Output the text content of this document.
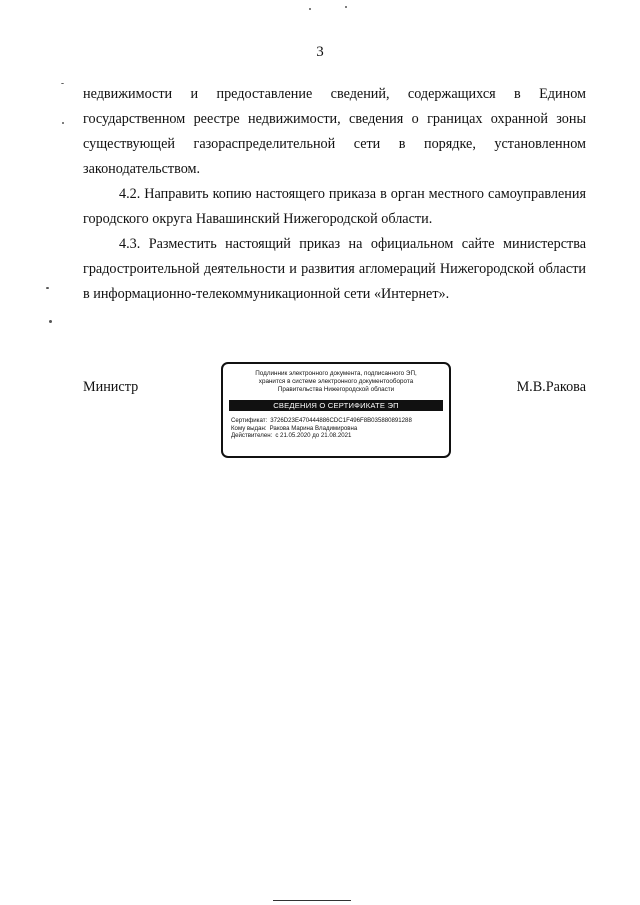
3

недвижимости и предоставление сведений, содержащихся в Едином государственном реестре недвижимости, сведения о границах охранной зоны существующей газораспределительной сети в порядке, установленном законодательством.

4.2. Направить копию настоящего приказа в орган местного самоуправления городского округа Навашинский Нижегородской области.

4.3. Разместить настоящий приказ на официальном сайте министерства градостроительной деятельности и развития агломераций Нижегородской области в информационно-телекоммуникационной сети «Интернет».

Министр	М.В.Ракова
Подлинник электронного документа, подписанного ЭП,
хранится в системе электронного документооборота
Правительства Нижегородской области
СВЕДЕНИЯ О СЕРТИФИКАТЕ ЭП
Сертификат: 3726D23E470444886CDC1F496F8B035880891288
Кому выдан: Ракова Марина Владимировна
Действителен: с 21.05.2020 до 21.08.2021
